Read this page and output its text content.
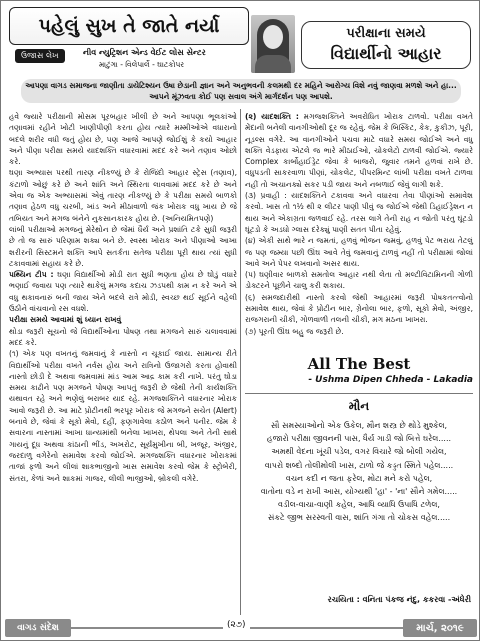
પહેલું સુખ તે જાતે નર્યા
ઉજાસ લેખ	નીવ ન્યુટ્રિશન એન્ડ વેઈટ લોસ સેન્ટર
માટુંગા - વિલેપાર્લે - ઘાટકોપર
પરીક્ષાના સમયે
વિદ્યાર્થીનો આહાર
આપણા વાગડ સમાજના જાણીતા ડાયેટિશ્યન ઉષા છેડાની જ્ઞાન અને અનુભવની કલમથી દર મહિને આરોગ્ય વિશે નવું જાણવા મળશે અને હા... આપને મૂંઝવતા કોઈ પણ સવાલ અંગે માર્ગદર્શન પણ આપશે.

હવે જ્યારે પરીક્ષાની મોસમ પૂરબહાર ખીલી છે અને આપણા ભૂલકાંઓ તણાવમાં રહીને ખોટી ખાણીપીણી કરતા હોય ત્યારે મમ્મીઓએ વધારાનો બદલે શરીર વધી જતું હોય છે, પણ આજે આપણે જોઈશું કે કયો આહાર અને પીણા પરીક્ષા સમયે યાદશક્તિ વધારવામાં મદદ કરે અને તણાવ ઓછો કરે.

ઘણા અભ્યાસ પરથી તારણ નીકળ્યું છે કે રોજિંદો આહાર સ્ટ્રેસ (તણાવ), કંટાળો ઓછું કરે છે અને શાંતિ અને સ્થિરતા લાવવામાં મદદ કરે છે અને એવા જ એક અભ્યાસમાં એવું તારણ નીકળ્યું છે કે પરીક્ષા સમયે બાળકો તણાવ હેઠળ વધુ ચરબી, ખાંડ અને મીઠાવાળો જંક ખોરાક વધુ ખાય છે જે તબિયત અને મગજ બંનેને નુકસાનકારક હોય છે. (અનિયમિતપણે)

લાંબી પરીક્ષાઓ મગજનું મેરેથોન છે જેમાં ધૈર્ય અને પ્રશાંતિ ટકે સુધી જરૂરી છે તો જ સારું પરિણામ શક્ય બને છે. સ્વસ્થ ખોરાક અને પીણાઓ આખા શરીરની સિસ્ટમને શક્તિ આપે સતર્કતા સતેજ પરીક્ષા પૂરી થાય ત્યાં સુધી ટકાવવામાં સહાય કરે છે.

પથ્યિન ટીપ : ઘણા વિદ્યાર્થીઓ મોડી રાત સુધી ભણતા હોય છે ઘોડું વધારે ભણાઈ જવાય પણ ત્યારે થાકેલું મગજ કદાચ ઝડપથી કામ ન કરે અને એ વધુ થકાવનારું બની જાય એને બદલે રાત્રે મોડી, સ્વચ્છ થઈ સૂઈને વહેલી ઉઠીને વાંચવાનો રસ વધશે.

પરીક્ષા સમયે આવામાં શું ધ્યાન રાખવું

થોડા જરૂરી સૂચનો જે વિદ્યાર્થીઓના પોષણ તથા મગજને સારું ચલાવવામાં મદદ કરે.

(૧) એક પણ વખતનું જમવાનું કે નાસ્તો ન ચૂકાઈ જાય. સામાન્ય રીતે વિદ્યાર્થીઓ પરીક્ષા વખતે નર્વસ હોય અને રાત્રિનો ઉજાગરો કરતા હોવાથી નાસ્તો છોડી દે અથવા જમવામાં માંડ આમ આદ્ર કામ કરી નાખે. પરંતુ ઘોડા સમય કાઢીને પણ મગજને પોષણ આપતું જરૂરી છે જેથી તેની કાર્યશક્તિ યથાવત રહે અને ભણેલું બરાબર યાદ રહે. મગજશક્તિને વધારનાર ખોરાક આવો જરૂરી છે. આ માટે પ્રોટીનથી ભરપૂર ખોરાક જે મગજને સચેત (Alert) બનાવે છે, જેવાં કે સૂકો મેવો, દહીં, ફણગાવેલા કઠોળ અને પનીર. જેમ કે સવારના નાસ્તામાં આખા ધાન્યમાંથી બનેલા ખાખરા, થેપલા અને તેની સાથે ગાયનું દૂધ અથવા કાંઠાની ભીંડ, અખરોટ, સૂર્યમુખીના બી, ખજૂર, અંજીર, જરદાળુ વગેરેનો સમાવેશ કરવો જોઈએ. મગજશક્તિ વધારનાર ખોરાકમાં તાજાં ફળો અને લીલાં શાકભાજીનો ખાસ સમાવેશ કરવો જેમ કે સ્ટ્રોબેરી, સંતરા, કેળાં અને શાકમાં ગાજર, લીલી ભાજીઓ, બ્રોકલી વગેરે.

(૨) યાદશક્તિ : મગજશક્તિને અવરોધિત ખોરાક ટાળવો. પરીક્ષા વખતે મેંદાની બનેલી વાનગીઓથી દૂર જ રહેવું. જેમ કે બિસ્કિટ, કેક, કુકીઝ, પૂરી, નૂડલ્સ વગેરે. આ વાનગીઓને પચવા માટે વધારે સમય જોઈએ અને વધુ શક્તિ વેડફાય એટલે જ ભારે મીઠાઈઓ, ચોકલેટો ટાળવી જોઈએ. જ્યારે Complex કાર્બોહાઈડ્રેટ જેવા કે બાજરો, જુવાર તમને હળવાં રાખે છે. વધુપડતી સાકરવાળા પીણાં, ચોકલેટ, પીપરમિન્ટ લાંબી પરીક્ષા વખતે ટાળવા નહીં તો અચાનક્યે સકર પડી જાય અને નબળાઈ જેવું લાગી શકે.

(૩) પ્રવાહી : યાદશક્તિને ટકાવવા અને વધારવા તેવા પીણાંઓ સમાવેશ કરવો. ખાસ તો ૧½ થી ૨ લીટર પાણી પીવું જ જોઈએ જેથી ડિહાઈડ્રેશન ન થાય અને એકાગ્રતા જળવાઈ રહે. તરસ લાગે તેની રાહ ન જોતી પરંતુ ઘૂંટડો ઘૂંટડો કે અડધો ગ્લાસ દરેક્યું પાણી સતત પીતા રહેવું.

(૪) એકી સાથે ભારે ન જમતાં, હળવું ભોજન જમવું, હળવું પેટ ભરાય તેટલું જ પણ જમ્યા પછી ઊંઘ આવે તેવું જમવાનું ટાળવું નહીં તો પરીક્ષામાં જોલાં આવે અને પેપર લખવાનો અસર થાય.

(૫) ઘણીવાર બાળકો સમતોલ આહાર નથી લેતા તો મલ્ટીવિટામિનની ગોળી ડોક્ટરને પૂછીને ચાલુ કરી શકાય.

(૬) સમજદારીથી નાસ્તો કરવો જેથી આહારમાં જરૂરી પોષકતત્ત્વોનો સમાવેશ થાય, જેવાં કે પ્રોટીન બાર, ગ્રેનોલા બાર, ફળો, સૂકો મેવો, અંજીર, રાજગરાની ચીકી, ગોળવાળી તલની ચીકી, મગ મઠના ખાખરા.

(૭) પૂરતી ઊંઘ બહુ જ જરૂરી છે.

All The Best
- Ushma Dipen Chheda - Lakadia
મૌન
સૌ સમસ્યાઓનો એક ઉકેલ, મૌન શસ્ત્ર છે થોડે મુશ્કેલ,
હજારો પરીક્ષા જીવનની પાસ, ધૈર્ય ગાડી જો બિત્તે ઘરેલ.....
અમથી વેદના ખૂંચી પડેલ, વગર વિચારે જો બોલી ગયેલ,
વાપરો શબ્દો તોલીમોલી ખાસ, ટાળો જે કડ્ડત સ્મિતે પહેલ.....
વચન કદી ન જતા ફરેલ, મોટા મને કરો પહેલ,
વાતોના વડે ન રાખી આસ, યોગ્યથી 'હા' - 'ના' સૌને ગમેલ.....
વડીલ-વાચા-વાણી કહેલ, આધિ વ્યાધિ ઉપાધિ ટળેલ,
સંકટે જીભ સરસ્વતી વાસ, શાંતિ ગંગા તો ચોકસ વહેલ.....
રચયિતા : વનિતા પંકજ નંદુ, કકરવા -અંધેરી
વાગડ સંદેશ	(૨૭)	માર્ચ, ૨૦૧૯
